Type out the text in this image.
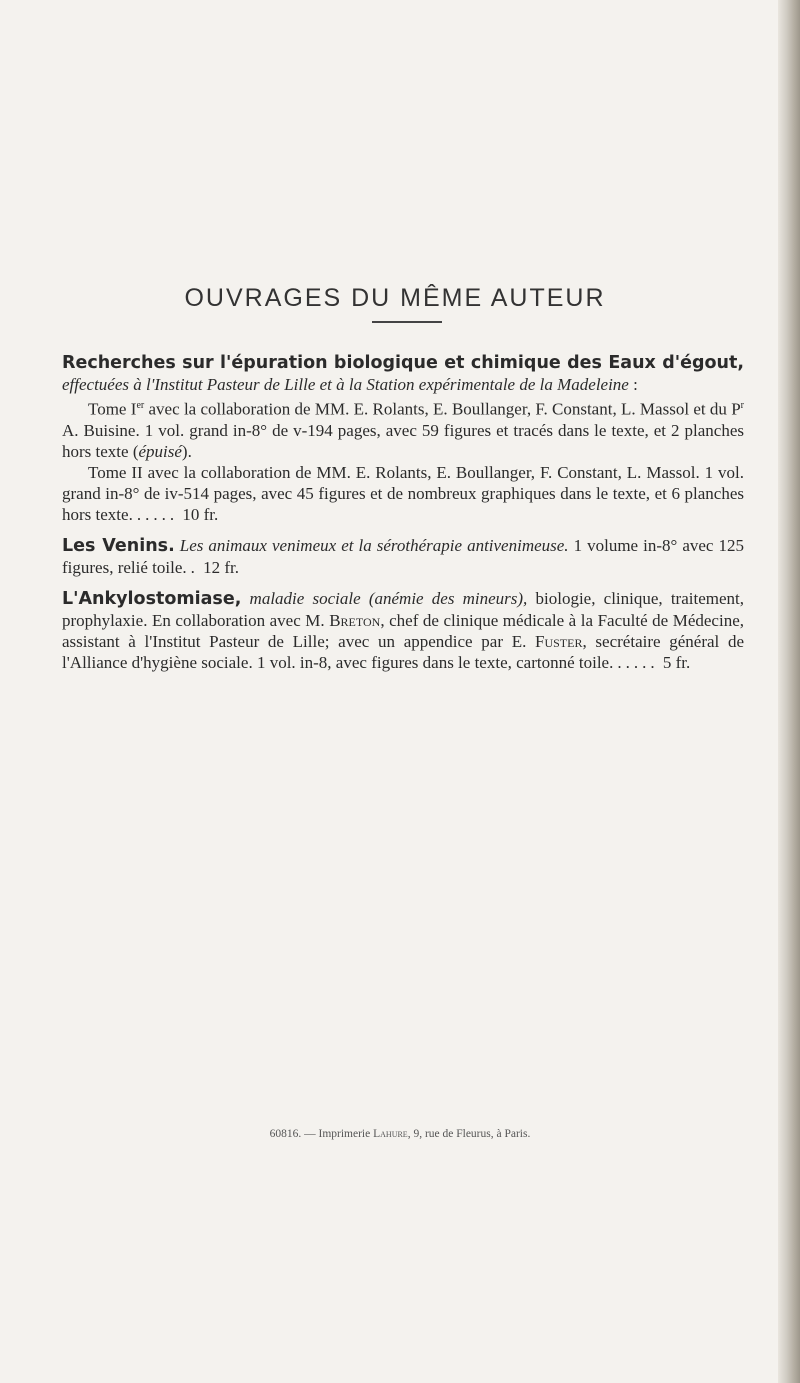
OUVRAGES DU MÊME AUTEUR

Recherches sur l'épuration biologique et chimique des Eaux d'égout, effectuées à l'Institut Pasteur de Lille et à la Station expérimentale de la Madeleine :

Tome Ier avec la collaboration de MM. E. Rolants, E. Boullanger, F. Constant, L. Massol et du $P^r$ A. Buisine. 1 vol. grand in-8° de v-194 pages, avec 59 figures et tracés dans le texte, et 2 planches hors texte (épuisé).

Tome II avec la collaboration de MM. E. Rolants, E. Boullanger, F. Constant, L. Massol. 1 vol. grand in-8° de iv-514 pages, avec 45 figures et de nombreux graphiques dans le texte, et 6 planches hors texte...... 10 fr.

Les Venins. Les animaux venimeux et la sérothérapie antivenimeuse. 1 volume in-8° avec 125 figures, relié toile.. 12 fr.

L'Ankylostomiase, maladie sociale (anémie des mineurs), biologie, clinique, traitement, prophylaxie. En collaboration avec M. Breton, chef de clinique médicale à la Faculté de Médecine, assistant à l'Institut Pasteur de Lille; avec un appendice par E. Fuster, secrétaire général de l'Alliance d'hygiène sociale. 1 vol. in-8, avec figures dans le texte, cartonné toile...... 5 fr.

60816. — Imprimerie Lahure, 9, rue de Fleurus, à Paris.
